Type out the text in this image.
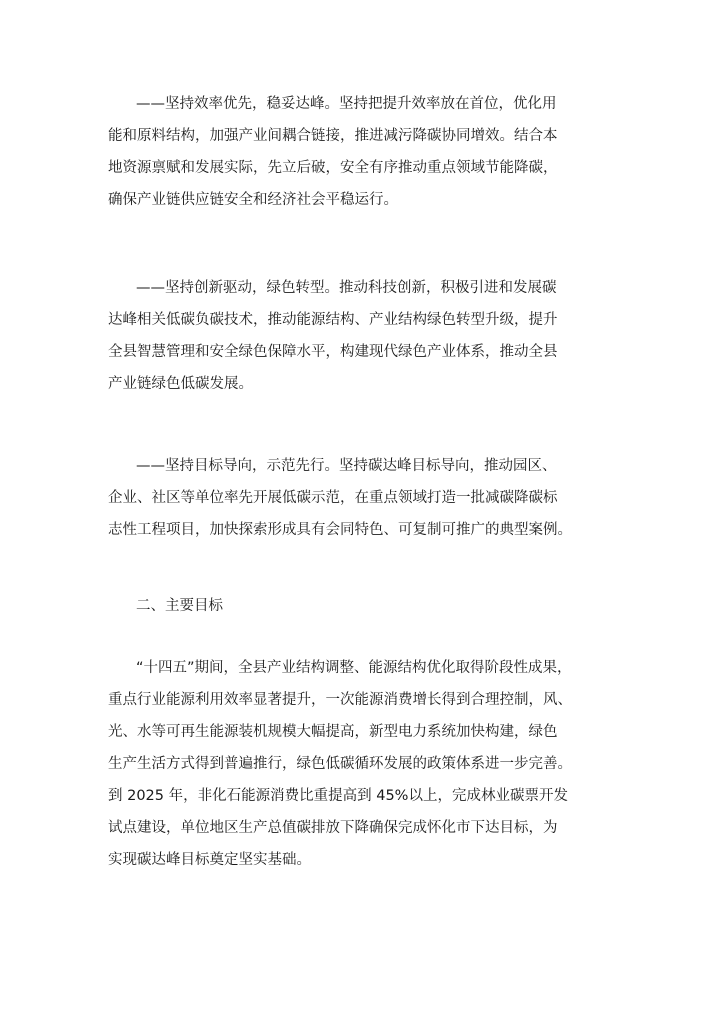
——坚持效率优先，稳妥达峰。坚持把提升效率放在首位，优化用
能和原料结构，加强产业间耦合链接，推进减污降碳协同增效。结合本
地资源禀赋和发展实际，先立后破，安全有序推动重点领域节能降碳，
确保产业链供应链安全和经济社会平稳运行。
——坚持创新驱动，绿色转型。推动科技创新，积极引进和发展碳
达峰相关低碳负碳技术，推动能源结构、产业结构绿色转型升级，提升
全县智慧管理和安全绿色保障水平，构建现代绿色产业体系，推动全县
产业链绿色低碳发展。
——坚持目标导向，示范先行。坚持碳达峰目标导向，推动园区、
企业、社区等单位率先开展低碳示范，在重点领域打造一批减碳降碳标
志性工程项目，加快探索形成具有会同特色、可复制可推广的典型案例。
二、主要目标
“十四五”期间，全县产业结构调整、能源结构优化取得阶段性成果，
重点行业能源利用效率显著提升，一次能源消费增长得到合理控制，风、
光、水等可再生能源装机规模大幅提高，新型电力系统加快构建，绿色
生产生活方式得到普遍推行，绿色低碳循环发展的政策体系进一步完善。
到 2025 年，非化石能源消费比重提高到 45%以上，完成林业碳票开发
试点建设，单位地区生产总值碳排放下降确保完成怀化市下达目标，为
实现碳达峰目标奠定坚实基础。
